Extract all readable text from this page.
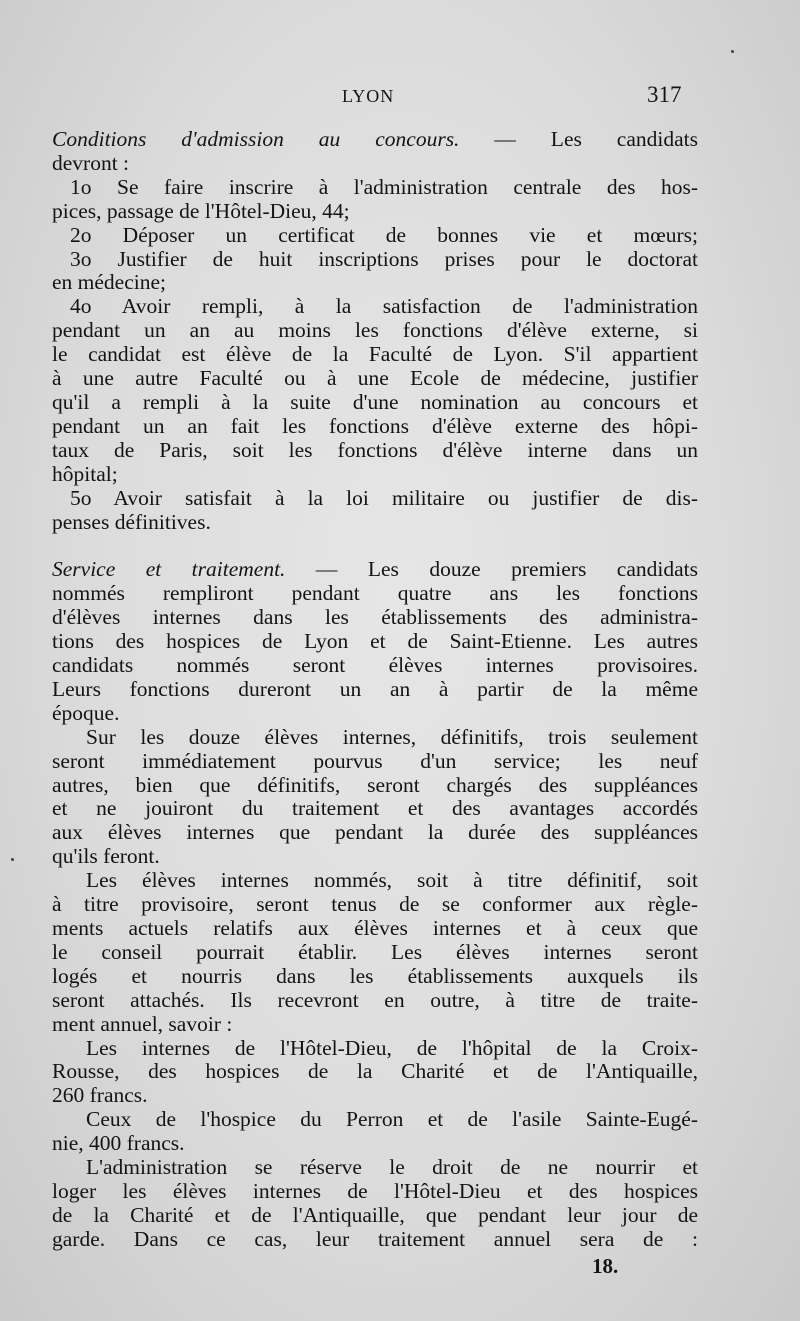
LYON	317
Conditions d'admission au concours. — Les candidats
devront :
1o Se faire inscrire à l'administration centrale des hos-
pices, passage de l'Hôtel-Dieu, 44;
2o Déposer un certificat de bonnes vie et mœurs;
3o Justifier de huit inscriptions prises pour le doctorat
en médecine;
4o Avoir rempli, à la satisfaction de l'administration
pendant un an au moins les fonctions d'élève externe, si
le candidat est élève de la Faculté de Lyon. S'il appartient
à une autre Faculté ou à une Ecole de médecine, justifier
qu'il a rempli à la suite d'une nomination au concours et
pendant un an fait les fonctions d'élève externe des hôpi-
taux de Paris, soit les fonctions d'élève interne dans un
hôpital;
5o Avoir satisfait à la loi militaire ou justifier de dis-
penses définitives.
Service et traitement. — Les douze premiers candidats
nommés rempliront pendant quatre ans les fonctions
d'élèves internes dans les établissements des administra-
tions des hospices de Lyon et de Saint-Etienne. Les autres
candidats nommés seront élèves internes provisoires.
Leurs fonctions dureront un an à partir de la même
époque.
Sur les douze élèves internes, définitifs, trois seulement
seront immédiatement pourvus d'un service; les neuf
autres, bien que définitifs, seront chargés des suppléances
et ne jouiront du traitement et des avantages accordés
aux élèves internes que pendant la durée des suppléances
qu'ils feront.
Les élèves internes nommés, soit à titre définitif, soit
à titre provisoire, seront tenus de se conformer aux règle-
ments actuels relatifs aux élèves internes et à ceux que
le conseil pourrait établir. Les élèves internes seront
logés et nourris dans les établissements auxquels ils
seront attachés. Ils recevront en outre, à titre de traite-
ment annuel, savoir :
Les internes de l'Hôtel-Dieu, de l'hôpital de la Croix-
Rousse, des hospices de la Charité et de l'Antiquaille,
260 francs.
Ceux de l'hospice du Perron et de l'asile Sainte-Eugé-
nie, 400 francs.
L'administration se réserve le droit de ne nourrir et
loger les élèves internes de l'Hôtel-Dieu et des hospices
de la Charité et de l'Antiquaille, que pendant leur jour de
garde. Dans ce cas, leur traitement annuel sera de :
18.
